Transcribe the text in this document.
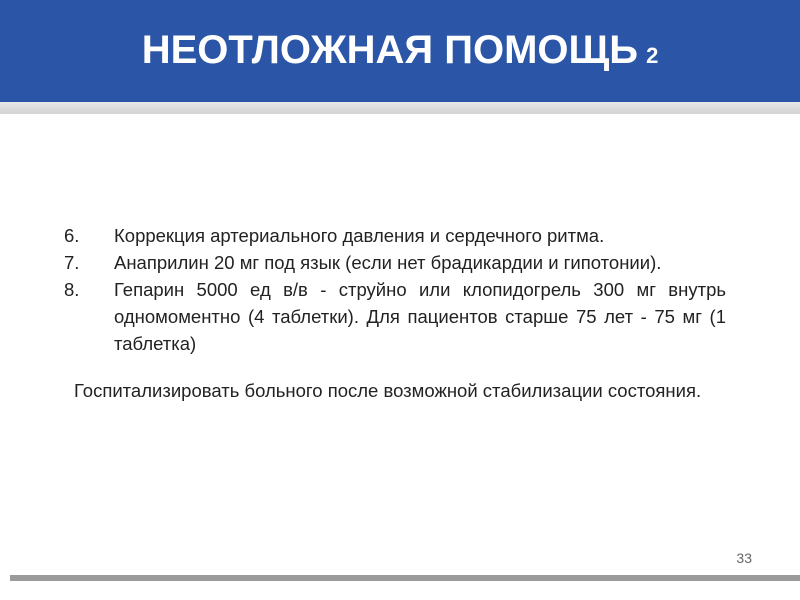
НЕОТЛОЖНАЯ ПОМОЩЬ 2
6.	Коррекция артериального давления и сердечного ритма.
7.	Анаприлин 20 мг под язык (если нет брадикардии и гипотонии).
8.	Гепарин 5000 ед в/в - струйно или клопидогрель 300 мг внутрь одномоментно (4 таблетки). Для пациентов старше 75 лет - 75 мг (1 таблетка)

Госпитализировать больного после возможной стабилизации состояния.

33
